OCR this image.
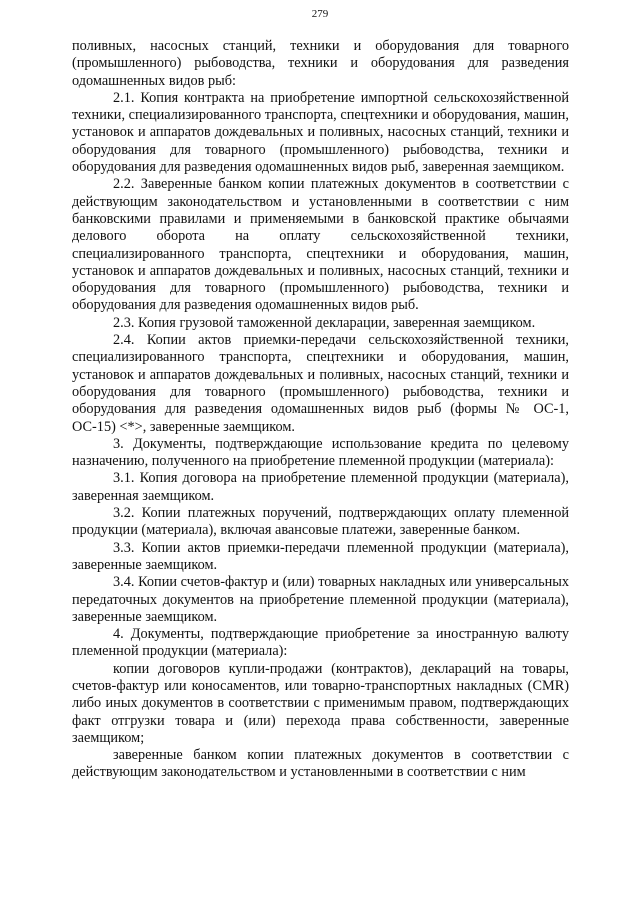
279

поливных, насосных станций, техники и оборудования для товарного (промышленного) рыбоводства, техники и оборудования для разведения одомашненных видов рыб:

2.1. Копия контракта на приобретение импортной сельскохозяйственной техники, специализированного транспорта, спецтехники и оборудования, машин, установок и аппаратов дождевальных и поливных, насосных станций, техники и оборудования для товарного (промышленного) рыбоводства, техники и оборудования для разведения одомашненных видов рыб, заверенная заемщиком.

2.2. Заверенные банком копии платежных документов в соответствии с действующим законодательством и установленными в соответствии с ним банковскими правилами и применяемыми в банковской практике обычаями делового оборота на оплату сельскохозяйственной техники, специализированного транспорта, спецтехники и оборудования, машин, установок и аппаратов дождевальных и поливных, насосных станций, техники и оборудования для товарного (промышленного) рыбоводства, техники и оборудования для разведения одомашненных видов рыб.

2.3. Копия грузовой таможенной декларации, заверенная заемщиком.

2.4. Копии актов приемки-передачи сельскохозяйственной техники, специализированного транспорта, спецтехники и оборудования, машин, установок и аппаратов дождевальных и поливных, насосных станций, техники и оборудования для товарного (промышленного) рыбоводства, техники и оборудования для разведения одомашненных видов рыб (формы № ОС-1, ОС-15) <*>, заверенные заемщиком.

3. Документы, подтверждающие использование кредита по целевому назначению, полученного на приобретение племенной продукции (материала):

3.1. Копия договора на приобретение племенной продукции (материала), заверенная заемщиком.

3.2. Копии платежных поручений, подтверждающих оплату племенной продукции (материала), включая авансовые платежи, заверенные банком.

3.3. Копии актов приемки-передачи племенной продукции (материала), заверенные заемщиком.

3.4. Копии счетов-фактур и (или) товарных накладных или универсальных передаточных документов на приобретение племенной продукции (материала), заверенные заемщиком.

4. Документы, подтверждающие приобретение за иностранную валюту племенной продукции (материала):

копии договоров купли-продажи (контрактов), деклараций на товары, счетов-фактур или коносаментов, или товарно-транспортных накладных (CMR) либо иных документов в соответствии с применимым правом, подтверждающих факт отгрузки товара и (или) перехода права собственности, заверенные заемщиком;

заверенные банком копии платежных документов в соответствии с действующим законодательством и установленными в соответствии с ним
